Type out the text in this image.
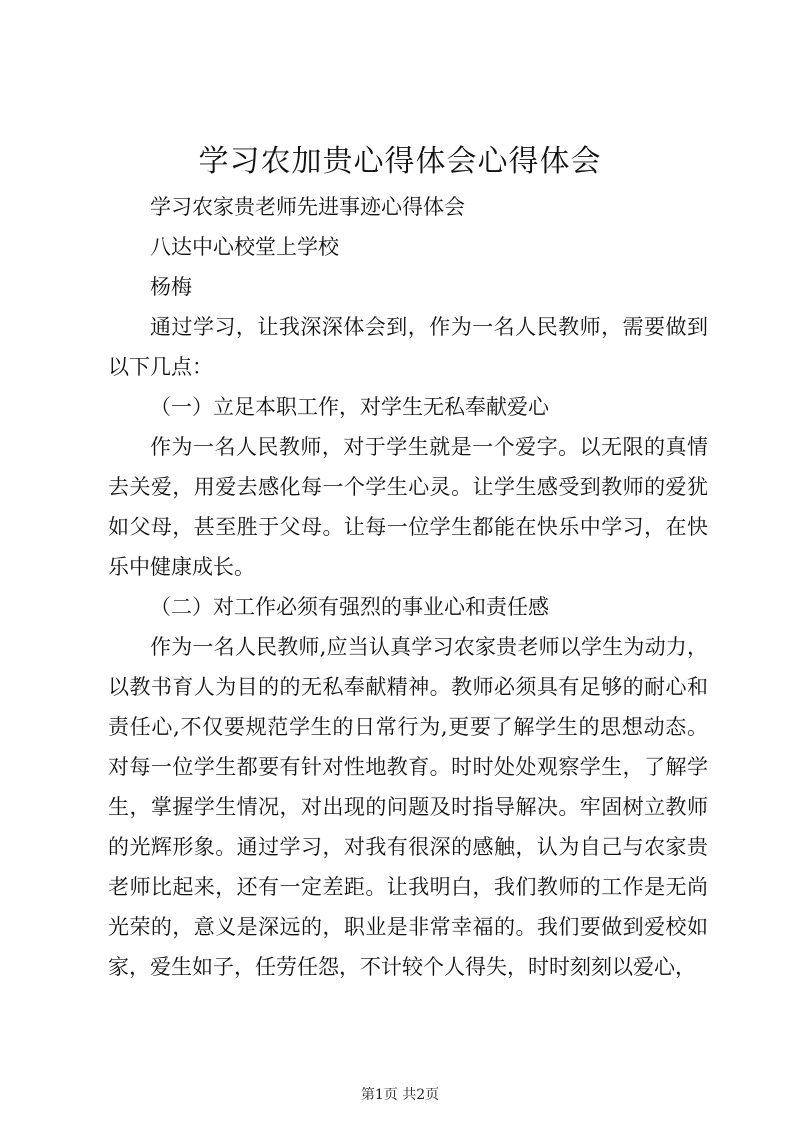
学习农加贵心得体会心得体会

学习农家贵老师先进事迹心得体会

八达中心校堂上学校

杨梅

通过学习，让我深深体会到，作为一名人民教师，需要做到以下几点：

（一）立足本职工作，对学生无私奉献爱心

作为一名人民教师，对于学生就是一个爱字。以无限的真情去关爱，用爱去感化每一个学生心灵。让学生感受到教师的爱犹如父母，甚至胜于父母。让每一位学生都能在快乐中学习，在快乐中健康成长。

（二）对工作必须有强烈的事业心和责任感

作为一名人民教师,应当认真学习农家贵老师以学生为动力，以教书育人为目的的无私奉献精神。教师必须具有足够的耐心和责任心,不仅要规范学生的日常行为,更要了解学生的思想动态。对每一位学生都要有针对性地教育。时时处处观察学生，了解学生，掌握学生情况，对出现的问题及时指导解决。牢固树立教师的光辉形象。通过学习，对我有很深的感触，认为自己与农家贵老师比起来，还有一定差距。让我明白，我们教师的工作是无尚光荣的，意义是深远的，职业是非常幸福的。我们要做到爱校如家，爱生如子，任劳任怨，不计较个人得失，时时刻刻以爱心，

第1页 共2页
